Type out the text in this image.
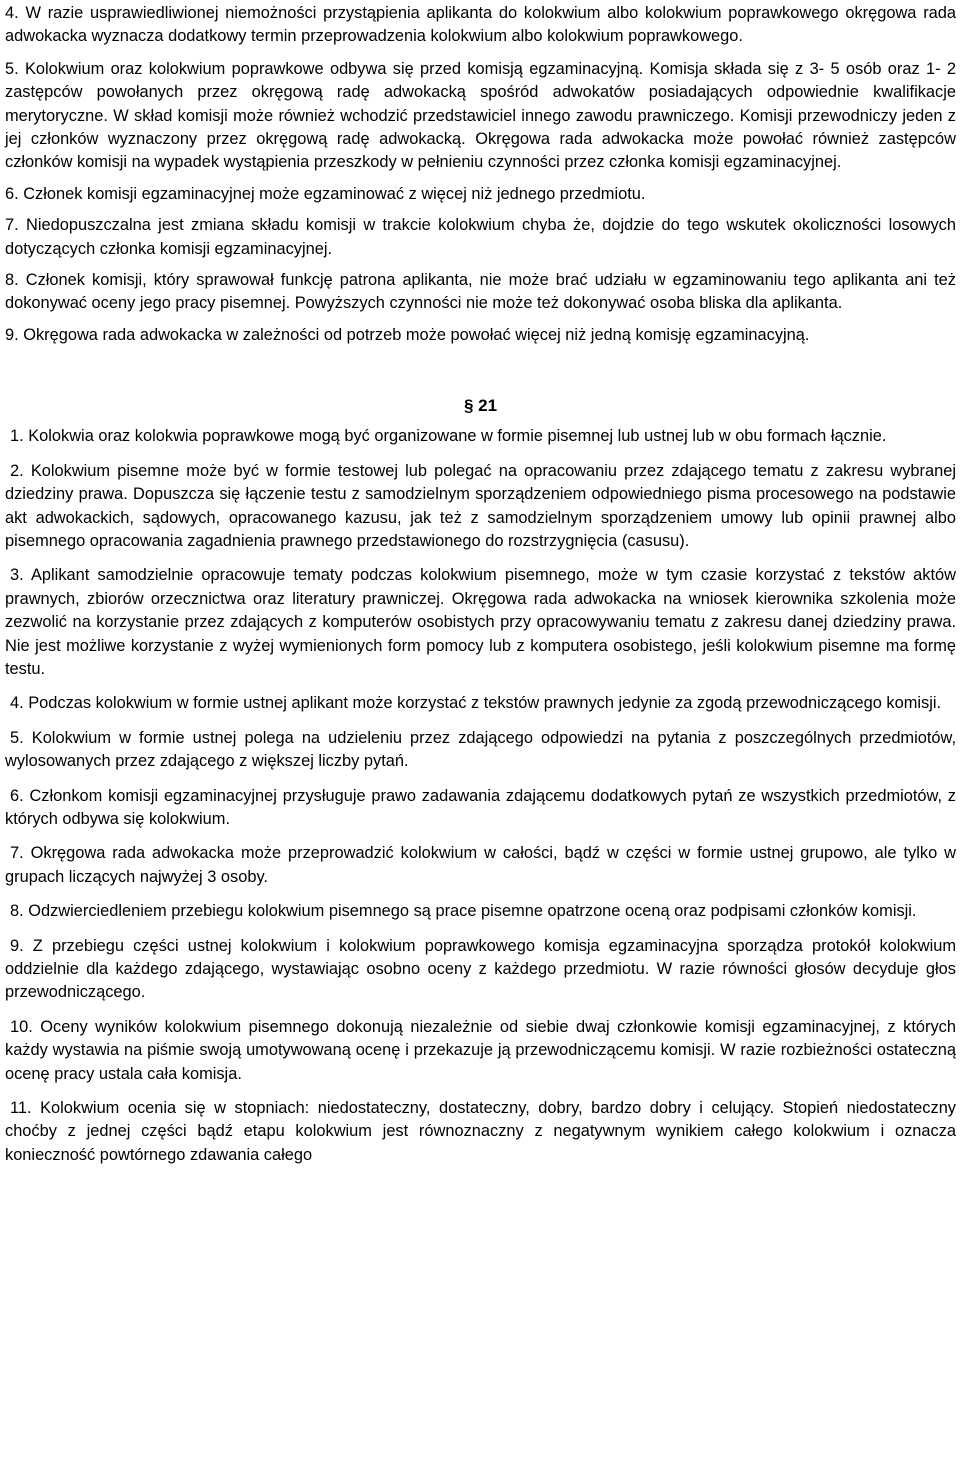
4. W razie usprawiedliwionej niemożności przystąpienia aplikanta do kolokwium albo kolokwium poprawkowego okręgowa rada adwokacka wyznacza dodatkowy termin przeprowadzenia kolokwium albo kolokwium poprawkowego.

5. Kolokwium oraz kolokwium poprawkowe odbywa się przed komisją egzaminacyjną. Komisja składa się z 3- 5 osób oraz 1- 2 zastępców powołanych przez okręgową radę adwokacką spośród adwokatów posiadających odpowiednie kwalifikacje merytoryczne. W skład komisji może również wchodzić przedstawiciel innego zawodu prawniczego. Komisji przewodniczy jeden z jej członków wyznaczony przez okręgową radę adwokacką. Okręgowa rada adwokacka może powołać również zastępców członków komisji na wypadek wystąpienia przeszkody w pełnieniu czynności przez członka komisji egzaminacyjnej.

6. Członek komisji egzaminacyjnej może egzaminować z więcej niż jednego przedmiotu.

7. Niedopuszczalna jest zmiana składu komisji w trakcie kolokwium chyba że, dojdzie do tego wskutek okoliczności losowych dotyczących członka komisji egzaminacyjnej.

8. Członek komisji, który sprawował funkcję patrona aplikanta, nie może brać udziału w egzaminowaniu tego aplikanta ani też dokonywać oceny jego pracy pisemnej. Powyższych czynności nie może też dokonywać osoba bliska dla aplikanta.

9. Okręgowa rada adwokacka w zależności od potrzeb może powołać więcej niż jedną komisję egzaminacyjną.

§ 21

1. Kolokwia oraz kolokwia poprawkowe mogą być organizowane w formie pisemnej lub ustnej lub w obu formach łącznie.

2. Kolokwium pisemne może być w formie testowej lub polegać na opracowaniu przez zdającego tematu z zakresu wybranej dziedziny prawa. Dopuszcza się łączenie testu z samodzielnym sporządzeniem odpowiedniego pisma procesowego na podstawie akt adwokackich, sądowych, opracowanego kazusu, jak też z samodzielnym sporządzeniem umowy lub opinii prawnej albo pisemnego opracowania zagadnienia prawnego przedstawionego do rozstrzygnięcia (casusu).

3. Aplikant samodzielnie opracowuje tematy podczas kolokwium pisemnego, może w tym czasie korzystać z tekstów aktów prawnych, zbiorów orzecznictwa oraz literatury prawniczej. Okręgowa rada adwokacka na wniosek kierownika szkolenia może zezwolić na korzystanie przez zdających z komputerów osobistych przy opracowywaniu tematu z zakresu danej dziedziny prawa. Nie jest możliwe korzystanie z wyżej wymienionych form pomocy lub z komputera osobistego, jeśli kolokwium pisemne ma formę testu.

4. Podczas kolokwium w formie ustnej aplikant może korzystać z tekstów prawnych jedynie za zgodą przewodniczącego komisji.

5. Kolokwium w formie ustnej polega na udzieleniu przez zdającego odpowiedzi na pytania z poszczególnych przedmiotów, wylosowanych przez zdającego z większej liczby pytań.

6. Członkom komisji egzaminacyjnej przysługuje prawo zadawania zdającemu dodatkowych pytań ze wszystkich przedmiotów, z których odbywa się kolokwium.

7. Okręgowa rada adwokacka może przeprowadzić kolokwium w całości, bądź w części w formie ustnej grupowo, ale tylko w grupach liczących najwyżej 3 osoby.

8. Odzwierciedleniem przebiegu kolokwium pisemnego są prace pisemne opatrzone oceną oraz podpisami członków komisji.

9. Z przebiegu części ustnej kolokwium i kolokwium poprawkowego komisja egzaminacyjna sporządza protokół kolokwium oddzielnie dla każdego zdającego, wystawiając osobno oceny z każdego przedmiotu. W razie równości głosów decyduje głos przewodniczącego.

10. Oceny wyników kolokwium pisemnego dokonują niezależnie od siebie dwaj członkowie komisji egzaminacyjnej, z których każdy wystawia na piśmie swoją umotywowaną ocenę i przekazuje ją przewodniczącemu komisji. W razie rozbieżności ostateczną ocenę pracy ustala cała komisja.

11. Kolokwium ocenia się w stopniach: niedostateczny, dostateczny, dobry, bardzo dobry i celujący. Stopień niedostateczny choćby z jednej części bądź etapu kolokwium jest równoznaczny z negatywnym wynikiem całego kolokwium i oznacza konieczność powtórnego zdawania całego
